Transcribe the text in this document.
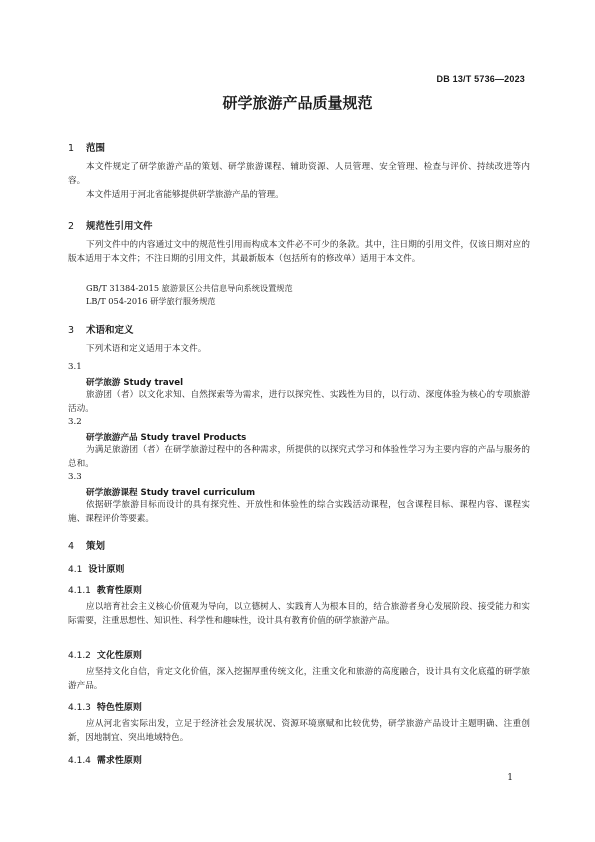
DB 13/T 5736—2023
研学旅游产品质量规范
1 范围
本文件规定了研学旅游产品的策划、研学旅游课程、辅助资源、人员管理、安全管理、检查与评价、持续改进等内容。
本文件适用于河北省能够提供研学旅游产品的管理。
2 规范性引用文件
下列文件中的内容通过文中的规范性引用而构成本文件必不可少的条款。其中，注日期的引用文件，仅该日期对应的版本适用于本文件；不注日期的引用文件，其最新版本（包括所有的修改单）适用于本文件。
GB/T 31384-2015 旅游景区公共信息导向系统设置规范
LB/T 054-2016 研学旅行服务规范
3 术语和定义
下列术语和定义适用于本文件。
3.1
研学旅游 Study travel
旅游团（者）以文化求知、自然探索等为需求，进行以探究性、实践性为目的，以行动、深度体验为核心的专项旅游活动。
3.2
研学旅游产品 Study travel Products
为满足旅游团（者）在研学旅游过程中的各种需求，所提供的以探究式学习和体验性学习为主要内容的产品与服务的总和。
3.3
研学旅游课程 Study travel curriculum
依据研学旅游目标而设计的具有探究性、开放性和体验性的综合实践活动课程，包含课程目标、课程内容、课程实施、课程评价等要素。
4 策划
4.1 设计原则
4.1.1 教育性原则
应以培育社会主义核心价值观为导向，以立德树人、实践育人为根本目的，结合旅游者身心发展阶段、接受能力和实际需要，注重思想性、知识性、科学性和趣味性，设计具有教育价值的研学旅游产品。
4.1.2 文化性原则
应坚持文化自信，肯定文化价值，深入挖掘厚重传统文化，注重文化和旅游的高度融合，设计具有文化底蕴的研学旅游产品。
4.1.3 特色性原则
应从河北省实际出发，立足于经济社会发展状况、资源环境禀赋和比较优势，研学旅游产品设计主题明确、注重创新，因地制宜、突出地域特色。
4.1.4 需求性原则
1
